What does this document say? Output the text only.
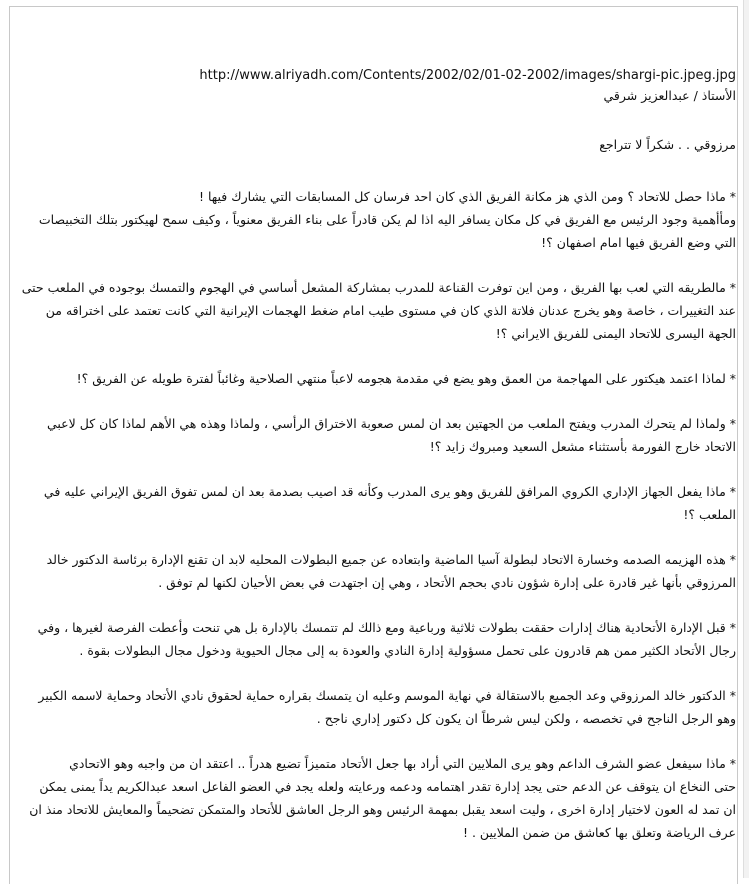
http://www.alriyadh.com/Contents/2002/02/01-02-2002/images/shargi-pic.jpeg.jpg
الأستاذ / عبدالعزيز شرقي
مرزوقي . . شكراً لا تتراجع
* ماذا حصل للاتحاد ؟ ومن الذي هز مكانة الفريق الذي كان احد فرسان كل المسابقات التي يشارك فيها !
ومأأهمية وجود الرئيس مع الفريق في كل مكان يسافر اليه اذا لم يكن قادراً على بناء الفريق معنوياً ، وكيف سمح لهيكتور بتلك التخبيصات
التي وضع الفريق فيها امام اصفهان ؟!
* مالطريقه التي لعب بها الفريق ، ومن اين توفرت القناعة للمدرب بمشاركة المشعل أساسي في الهجوم والتمسك بوجوده في الملعب حتى
عند التغييرات ، خاصة وهو يخرج عدنان فلاتة الذي كان في مستوى طيب امام ضغط الهجمات الإيرانية التي كانت تعتمد على اختراقه من
الجهة اليسرى للاتحاد اليمنى للفريق الايراني ؟!
* لماذا اعتمد هيكتور على المهاجمة من العمق وهو يضع في مقدمة هجومه لاعباً منتهي الصلاحية وغائباً لفترة طويله عن الفريق ؟!
* ولماذا لم يتحرك المدرب ويفتح الملعب من الجهتين بعد ان لمس صعوبة الاختراق الرأسي ، ولماذا وهذه هي الأهم لماذا كان كل لاعبي
الاتحاد خارج الفورمة بأستثناء مشعل السعيد ومبروك زايد ؟!
* ماذا يفعل الجهاز الإداري الكروي المرافق للفريق وهو يرى المدرب وكأنه قد اصيب بصدمة بعد ان لمس تفوق الفريق الإيراني عليه في
الملعب ؟!
* هذه الهزيمه الصدمه وخسارة الاتحاد لبطولة آسيا الماضية وابتعاده عن جميع البطولات المحليه لابد ان تقنع الإدارة برئاسة الدكتور خالد
المرزوقي بأنها غير قادرة على إدارة شؤون نادي بحجم الأتحاد ، وهي إن اجتهدت في بعض الأحيان لكنها لم توفق .
* قبل الإدارة الأتحادية هناك إدارات حققت بطولات ثلاثية ورباعية ومع ذالك لم تتمسك بالإدارة بل هي تنحت وأعطت الفرصة لغيرها ، وفي
رجال الأتحاد الكثير ممن هم قادرون على تحمل مسؤولية إدارة النادي والعودة به إلى مجال الحيوية ودخول مجال البطولات بقوة .
* الدكتور خالد المرزوقي وعد الجميع بالاستقالة في نهاية الموسم وعليه ان يتمسك بقراره حماية لحقوق نادي الأتحاد وحماية لاسمه الكبير
وهو الرجل الناجح في تخصصه ، ولكن ليس شرطاً ان يكون كل دكتور إداري ناجح .
* ماذا سيفعل عضو الشرف الداعم وهو يرى الملايين التي أراد بها جعل الأتحاد متميزاً تضيع هدراً .. اعتقد ان من واجبه وهو الاتحادي
حتى النخاع ان يتوقف عن الدعم حتى يجد إدارة تقدر اهتمامه ودعمه ورعايته ولعله يجد في العضو الفاعل اسعد عبدالكريم يداً يمنى يمكن
ان تمد له العون لاختيار إدارة اخرى ، وليت اسعد يقبل بمهمة الرئيس وهو الرجل العاشق للأتحاد والمتمكن تضحيماً والمعايش للاتحاد منذ ان
عرف الرياضة وتعلق بها كعاشق من ضمن الملايين . !
